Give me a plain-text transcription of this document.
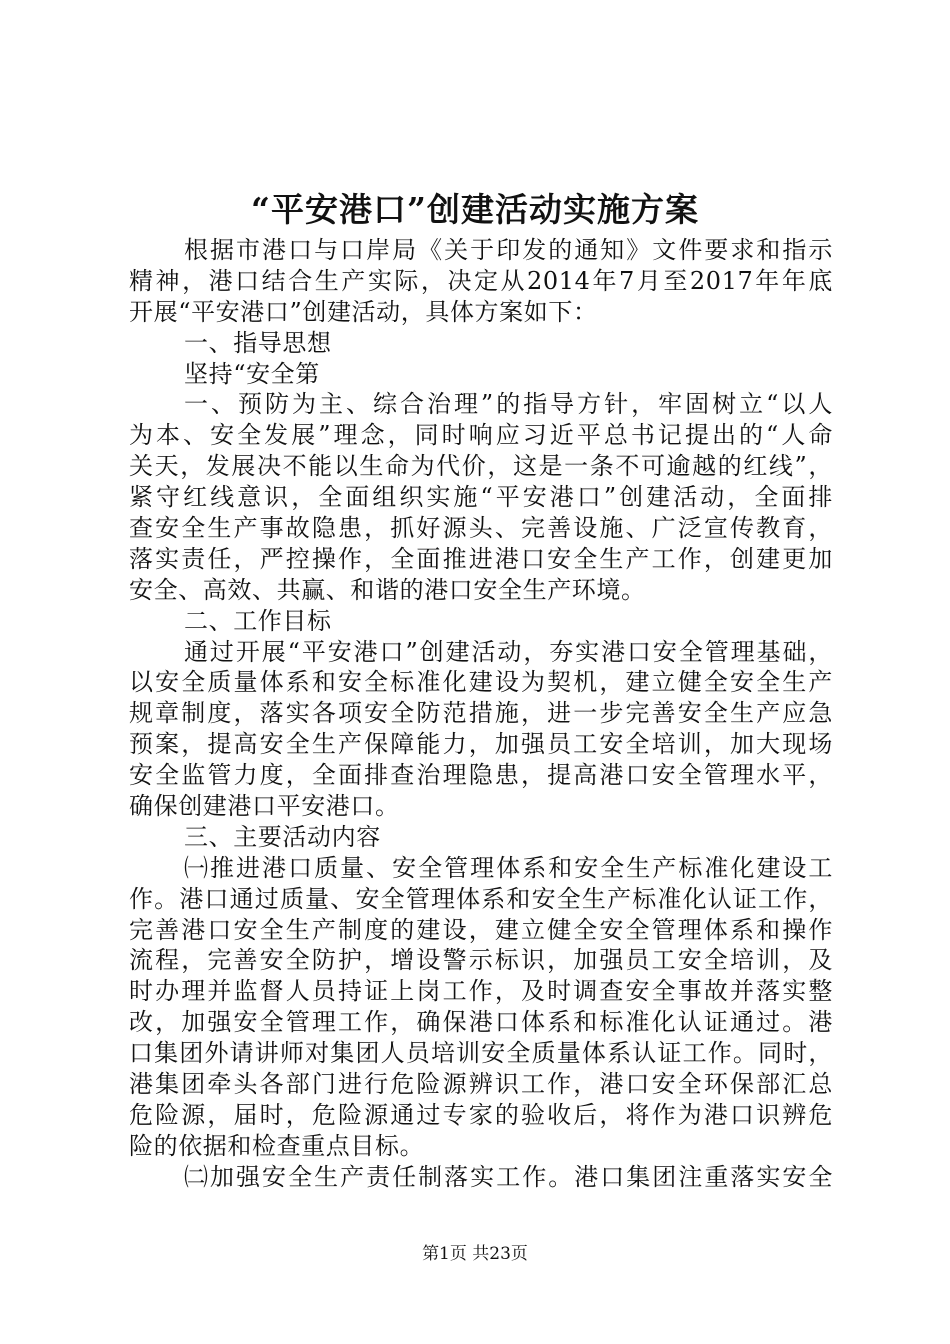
“平安港口”创建活动实施方案
根据市港口与口岸局《关于印发的通知》文件要求和指示
精神，港口结合生产实际，决定从2014年7月至2017年年底
开展“平安港口”创建活动，具体方案如下：
一、指导思想
坚持“安全第
一、预防为主、综合治理”的指导方针，牢固树立“以人
为本、安全发展”理念，同时响应习近平总书记提出的“人命
关天，发展决不能以生命为代价，这是一条不可逾越的红线”，
紧守红线意识，全面组织实施“平安港口”创建活动，全面排
查安全生产事故隐患，抓好源头、完善设施、广泛宣传教育，
落实责任，严控操作，全面推进港口安全生产工作，创建更加
安全、高效、共赢、和谐的港口安全生产环境。
二、工作目标
通过开展“平安港口”创建活动，夯实港口安全管理基础，
以安全质量体系和安全标准化建设为契机，建立健全安全生产
规章制度，落实各项安全防范措施，进一步完善安全生产应急
预案，提高安全生产保障能力，加强员工安全培训，加大现场
安全监管力度，全面排查治理隐患，提高港口安全管理水平，
确保创建港口平安港口。
三、主要活动内容
㈠推进港口质量、安全管理体系和安全生产标准化建设工
作。港口通过质量、安全管理体系和安全生产标准化认证工作，
完善港口安全生产制度的建设，建立健全安全管理体系和操作
流程，完善安全防护，增设警示标识，加强员工安全培训，及
时办理并监督人员持证上岗工作，及时调查安全事故并落实整
改，加强安全管理工作，确保港口体系和标准化认证通过。港
口集团外请讲师对集团人员培训安全质量体系认证工作。同时，
港集团牵头各部门进行危险源辨识工作，港口安全环保部汇总
危险源，届时，危险源通过专家的验收后，将作为港口识辨危
险的依据和检查重点目标。
㈡加强安全生产责任制落实工作。港口集团注重落实安全
第1页 共23页
